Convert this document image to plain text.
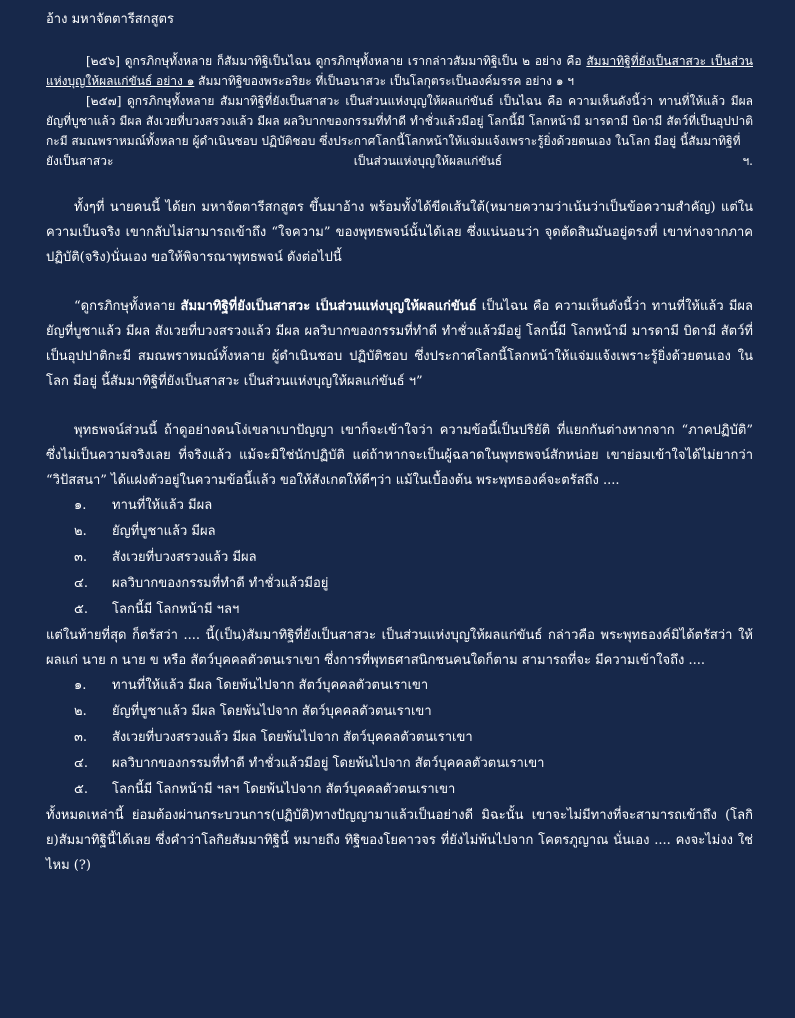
อ้าง มหาจัตตารีสกสูตร

[๒๕๖] ดูกรภิกษุทั้งหลาย ก็สัมมาทิฐิเป็นไฉน ดูกรภิกษุทั้งหลาย เรากล่าวสัมมาทิฐิเป็น ๒ อย่าง คือ สัมมาทิฐิที่ยังเป็นสาสวะ เป็นส่วนแห่งบุญให้ผลแก่ขันธ์ อย่าง ๑ สัมมาทิฐิของพระอริยะ ที่เป็นอนาสวะ เป็นโลกุตระเป็นองค์มรรค อย่าง ๑ ฯ

[๒๕๗] ดูกรภิกษุทั้งหลาย สัมมาทิฐิที่ยังเป็นสาสวะ เป็นส่วนแห่งบุญให้ผลแก่ขันธ์ เป็นไฉน คือ ความเห็นดังนี้ว่า ทานที่ให้แล้ว มีผล ยัญที่บูชาแล้ว มีผล สังเวยที่บวงสรวงแล้ว มีผล ผลวิบากของกรรมที่ทำดี ทำชั่วแล้วมีอยู่ โลกนี้มี โลกหน้ามี มารดามี บิดามี สัตว์ที่เป็นอุปปาติกะมี สมณพราหมณ์ทั้งหลาย ผู้ดำเนินชอบ ปฏิบัติชอบ ซึ่งประกาศโลกนี้โลกหน้าให้แจ่มแจ้งเพราะรู้ยิ่งด้วยตนเอง ในโลก มีอยู่ นี้สัมมาทิฐิที่

ยังเป็นสาสวะ	เป็นส่วนแห่งบุญให้ผลแก่ขันธ์	ฯ.

ทั้งๆที่ นายคนนี้ ได้ยก มหาจัตตารีสกสูตร ขึ้นมาอ้าง พร้อมทั้งได้ขีดเส้นใต้(หมายความว่าเน้นว่าเป็นข้อความสำคัญ) แต่ในความเป็นจริง เขากลับไม่สามารถเข้าถึง “ใจความ” ของพุทธพจน์นั้นได้เลย ซึ่งแน่นอนว่า จุดตัดสินมันอยู่ตรงที่ เขาห่างจากภาคปฏิบัติ(จริง)นั่นเอง ขอให้พิจารณาพุทธพจน์ ดังต่อไปนี้

“ดูกรภิกษุทั้งหลาย สัมมาทิฐิที่ยังเป็นสาสวะ เป็นส่วนแห่งบุญให้ผลแก่ขันธ์ เป็นไฉน คือ ความเห็นดังนี้ว่า ทานที่ให้แล้ว มีผล ยัญที่บูชาแล้ว มีผล สังเวยที่บวงสรวงแล้ว มีผล ผลวิบากของกรรมที่ทำดี ทำชั่วแล้วมีอยู่ โลกนี้มี โลกหน้ามี มารดามี บิดามี สัตว์ที่เป็นอุปปาติกะมี สมณพราหมณ์ทั้งหลาย ผู้ดำเนินชอบ ปฏิบัติชอบ ซึ่งประกาศโลกนี้โลกหน้าให้แจ่มแจ้งเพราะรู้ยิ่งด้วยตนเอง ในโลก มีอยู่ นี้สัมมาทิฐิที่ยังเป็นสาสวะ เป็นส่วนแห่งบุญให้ผลแก่ขันธ์ ฯ”

พุทธพจน์ส่วนนี้ ถ้าดูอย่างคนโง่เขลาเบาปัญญา เขาก็จะเข้าใจว่า ความข้อนี้เป็นปริยัติ ที่แยกกันต่างหากจาก “ภาคปฏิบัติ” ซึ่งไม่เป็นความจริงเลย ที่จริงแล้ว แม้จะมิใช่นักปฏิบัติ แต่ถ้าหากจะเป็นผู้ฉลาดในพุทธพจน์สักหน่อย เขาย่อมเข้าใจได้ไม่ยากว่า “วิปัสสนา” ได้แฝงตัวอยู่ในความข้อนี้แล้ว ขอให้สังเกตให้ดีๆว่า แม้ในเบื้องต้น พระพุทธองค์จะตรัสถึง ....

๑.	ทานที่ให้แล้ว มีผล
๒.	ยัญที่บูชาแล้ว มีผล
๓.	สังเวยที่บวงสรวงแล้ว มีผล
๔.	ผลวิบากของกรรมที่ทำดี ทำชั่วแล้วมีอยู่
๕.	โลกนี้มี โลกหน้ามี ฯลฯ

แต่ในท้ายที่สุด ก็ตรัสว่า .... นี้(เป็น)สัมมาทิฐิที่ยังเป็นสาสวะ เป็นส่วนแห่งบุญให้ผลแก่ขันธ์ กล่าวคือ พระพุทธองค์มิได้ตรัสว่า ให้ผลแก่ นาย ก นาย ข หรือ สัตว์บุคคลตัวตนเราเขา ซึ่งการที่พุทธศาสนิกชนคนใดก็ตาม สามารถที่จะ มีความเข้าใจถึง ....

๑.	ทานที่ให้แล้ว มีผล โดยพ้นไปจาก สัตว์บุคคลตัวตนเราเขา
๒.	ยัญที่บูชาแล้ว มีผล โดยพ้นไปจาก สัตว์บุคคลตัวตนเราเขา
๓.	สังเวยที่บวงสรวงแล้ว มีผล โดยพ้นไปจาก สัตว์บุคคลตัวตนเราเขา
๔.	ผลวิบากของกรรมที่ทำดี ทำชั่วแล้วมีอยู่ โดยพ้นไปจาก สัตว์บุคคลตัวตนเราเขา
๕.	โลกนี้มี โลกหน้ามี ฯลฯ โดยพ้นไปจาก สัตว์บุคคลตัวตนเราเขา

ทั้งหมดเหล่านี้ ย่อมต้องผ่านกระบวนการ(ปฏิบัติ)ทางปัญญามาแล้วเป็นอย่างดี มิฉะนั้น เขาจะไม่มีทางที่จะสามารถเข้าถึง (โลกิย)สัมมาทิฐินี้ได้เลย ซึ่งคำว่าโลกิยสัมมาทิฐินี้ หมายถึง ทิฐิของโยคาวจร ที่ยังไม่พ้นไปจาก โคตรภูญาณ นั่นเอง .... คงจะไม่งง ใช่ไหม (?)
